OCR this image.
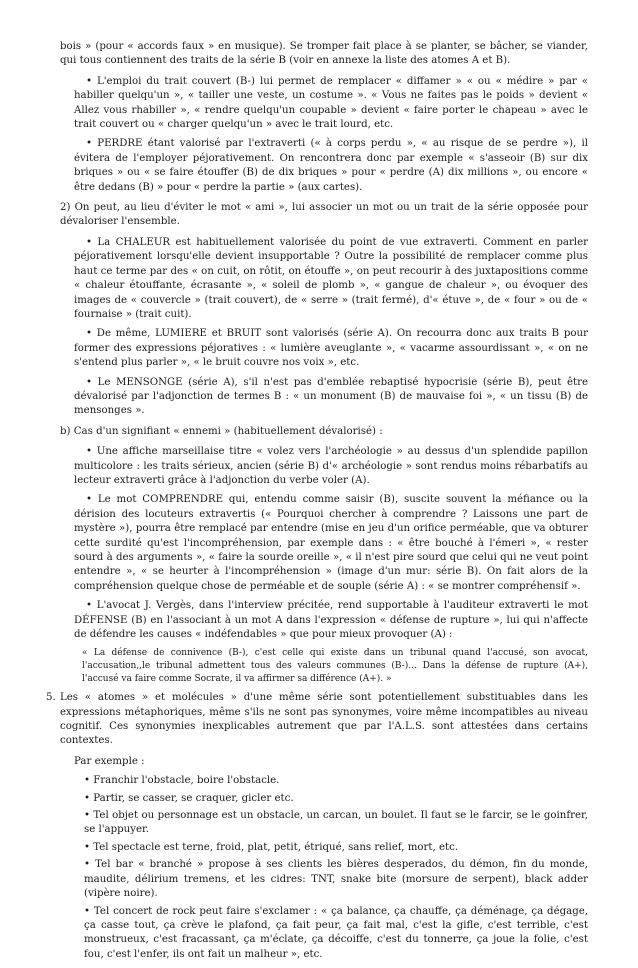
bois » (pour « accords faux » en musique). Se tromper fait place à se planter, se bâcher, se viander, qui tous contiennent des traits de la série B (voir en annexe la liste des atomes A et B).

• L'emploi du trait couvert (B-) lui permet de remplacer « diffamer » « ou « médire » par « habiller quelqu'un », « tailler une veste, un costume ». « Vous ne faites pas le poids » devient « Allez vous rhabiller », « rendre quelqu'un coupable » devient « faire porter le chapeau » avec le trait couvert ou « charger quelqu'un » avec le trait lourd, etc.

• PERDRE étant valorisé par l'extraverti (« à corps perdu », « au risque de se perdre »), il évitera de l'employer péjorativement. On rencontrera donc par exemple « s'asseoir (B) sur dix briques » ou « se faire étouffer (B) de dix briques » pour « perdre (A) dix millions », ou encore « être dedans (B) » pour « perdre la partie » (aux cartes).

2) On peut, au lieu d'éviter le mot « ami », lui associer un mot ou un trait de la série opposée pour dévaloriser l'ensemble.

• La CHALEUR est habituellement valorisée du point de vue extraverti. Comment en parler péjorativement lorsqu'elle devient insupportable ? Outre la possibilité de remplacer comme plus haut ce terme par des « on cuit, on rôtit, on étouffe », on peut recourir à des juxtapositions comme « chaleur étouffante, écrasante », « soleil de plomb », « gangue de chaleur », ou évoquer des images de « couvercle » (trait couvert), de « serre » (trait fermé), d'« étuve », de « four » ou de « fournaise » (trait cuit).

• De même, LUMIERE et BRUIT sont valorisés (série A). On recourra donc aux traits B pour former des expressions péjoratives : « lumière aveuglante », « vacarme assourdissant », « on ne s'entend plus parler », « le bruit couvre nos voix », etc.

• Le MENSONGE (série A), s'il n'est pas d'emblée rebaptisé hypocrisie (série B), peut être dévalorisé par l'adjonction de termes B : « un monument (B) de mauvaise foi », « un tissu (B) de mensonges ».

b) Cas d'un signifiant « ennemi » (habituellement dévalorisé) :

• Une affiche marseillaise titre « volez vers l'archéologie » au dessus d'un splendide papillon multicolore : les traits sérieux, ancien (série B) d'« archéologie » sont rendus moins rébarbatifs au lecteur extraverti grâce à l'adjonction du verbe voler (A).

• Le mot COMPRENDRE qui, entendu comme saisir (B), suscite souvent la méfiance ou la dérision des locuteurs extravertis (« Pourquoi chercher à comprendre ? Laissons une part de mystère »), pourra être remplacé par entendre (mise en jeu d'un orifice perméable, que va obturer cette surdité qu'est l'incompréhension, par exemple dans : « être bouché à l'émeri », « rester sourd à des arguments », « faire la sourde oreille », « il n'est pire sourd que celui qui ne veut point entendre », « se heurter à l'incompréhension » (image d'un mur: série B). On fait alors de la compréhension quelque chose de perméable et de souple (série A) : « se montrer compréhensif ».

• L'avocat J. Vergès, dans l'interview précitée, rend supportable à l'auditeur extraverti le mot DÉFENSE (B) en l'associant à un mot A dans l'expression « défense de rupture », lui qui n'affecte de défendre les causes « indéfendables » que pour mieux provoquer (A) :

« La défense de connivence (B-), c'est celle qui existe dans un tribunal quand l'accusé, son avocat, l'accusation,,le tribunal admettent tous des valeurs communes (B-)... Dans la défense de rupture (A+), l'accusé va faire comme Socrate, il va affirmer sa différence (A+). »
5. Les « atomes » et molécules » d'une même série sont potentiellement substituables dans les expressions métaphoriques, même s'ils ne sont pas synonymes, voire même incompatibles au niveau cognitif. Ces synonymies inexplicables autrement que par l'A.L.S. sont attestées dans certains contextes.

Par exemple :

• Franchir l'obstacle, boire l'obstacle.

• Partir, se casser, se craquer, gicler etc.

• Tel objet ou personnage est un obstacle, un carcan, un boulet. Il faut se le farcir, se le goinfrer, se l'appuyer.

• Tel spectacle est terne, froid, plat, petit, étriqué, sans relief, mort, etc.

• Tel bar « branché » propose à ses clients les bières desperados, du démon, fin du monde, maudite, délirium tremens, et les cidres: TNT, snake bite (morsure de serpent), black adder (vipère noire).

• Tel concert de rock peut faire s'exclamer : « ça balance, ça chauffe, ça déménage, ça dégage, ça casse tout, ça crève le plafond, ça fait peur, ça fait mal, c'est la gifle, c'est terrible, c'est monstrueux, c'est fracassant, ça m'éclate, ça décoiffe, c'est du tonnerre, ça joue la folie, c'est fou, c'est l'enfer, ils ont fait un malheur », etc.
